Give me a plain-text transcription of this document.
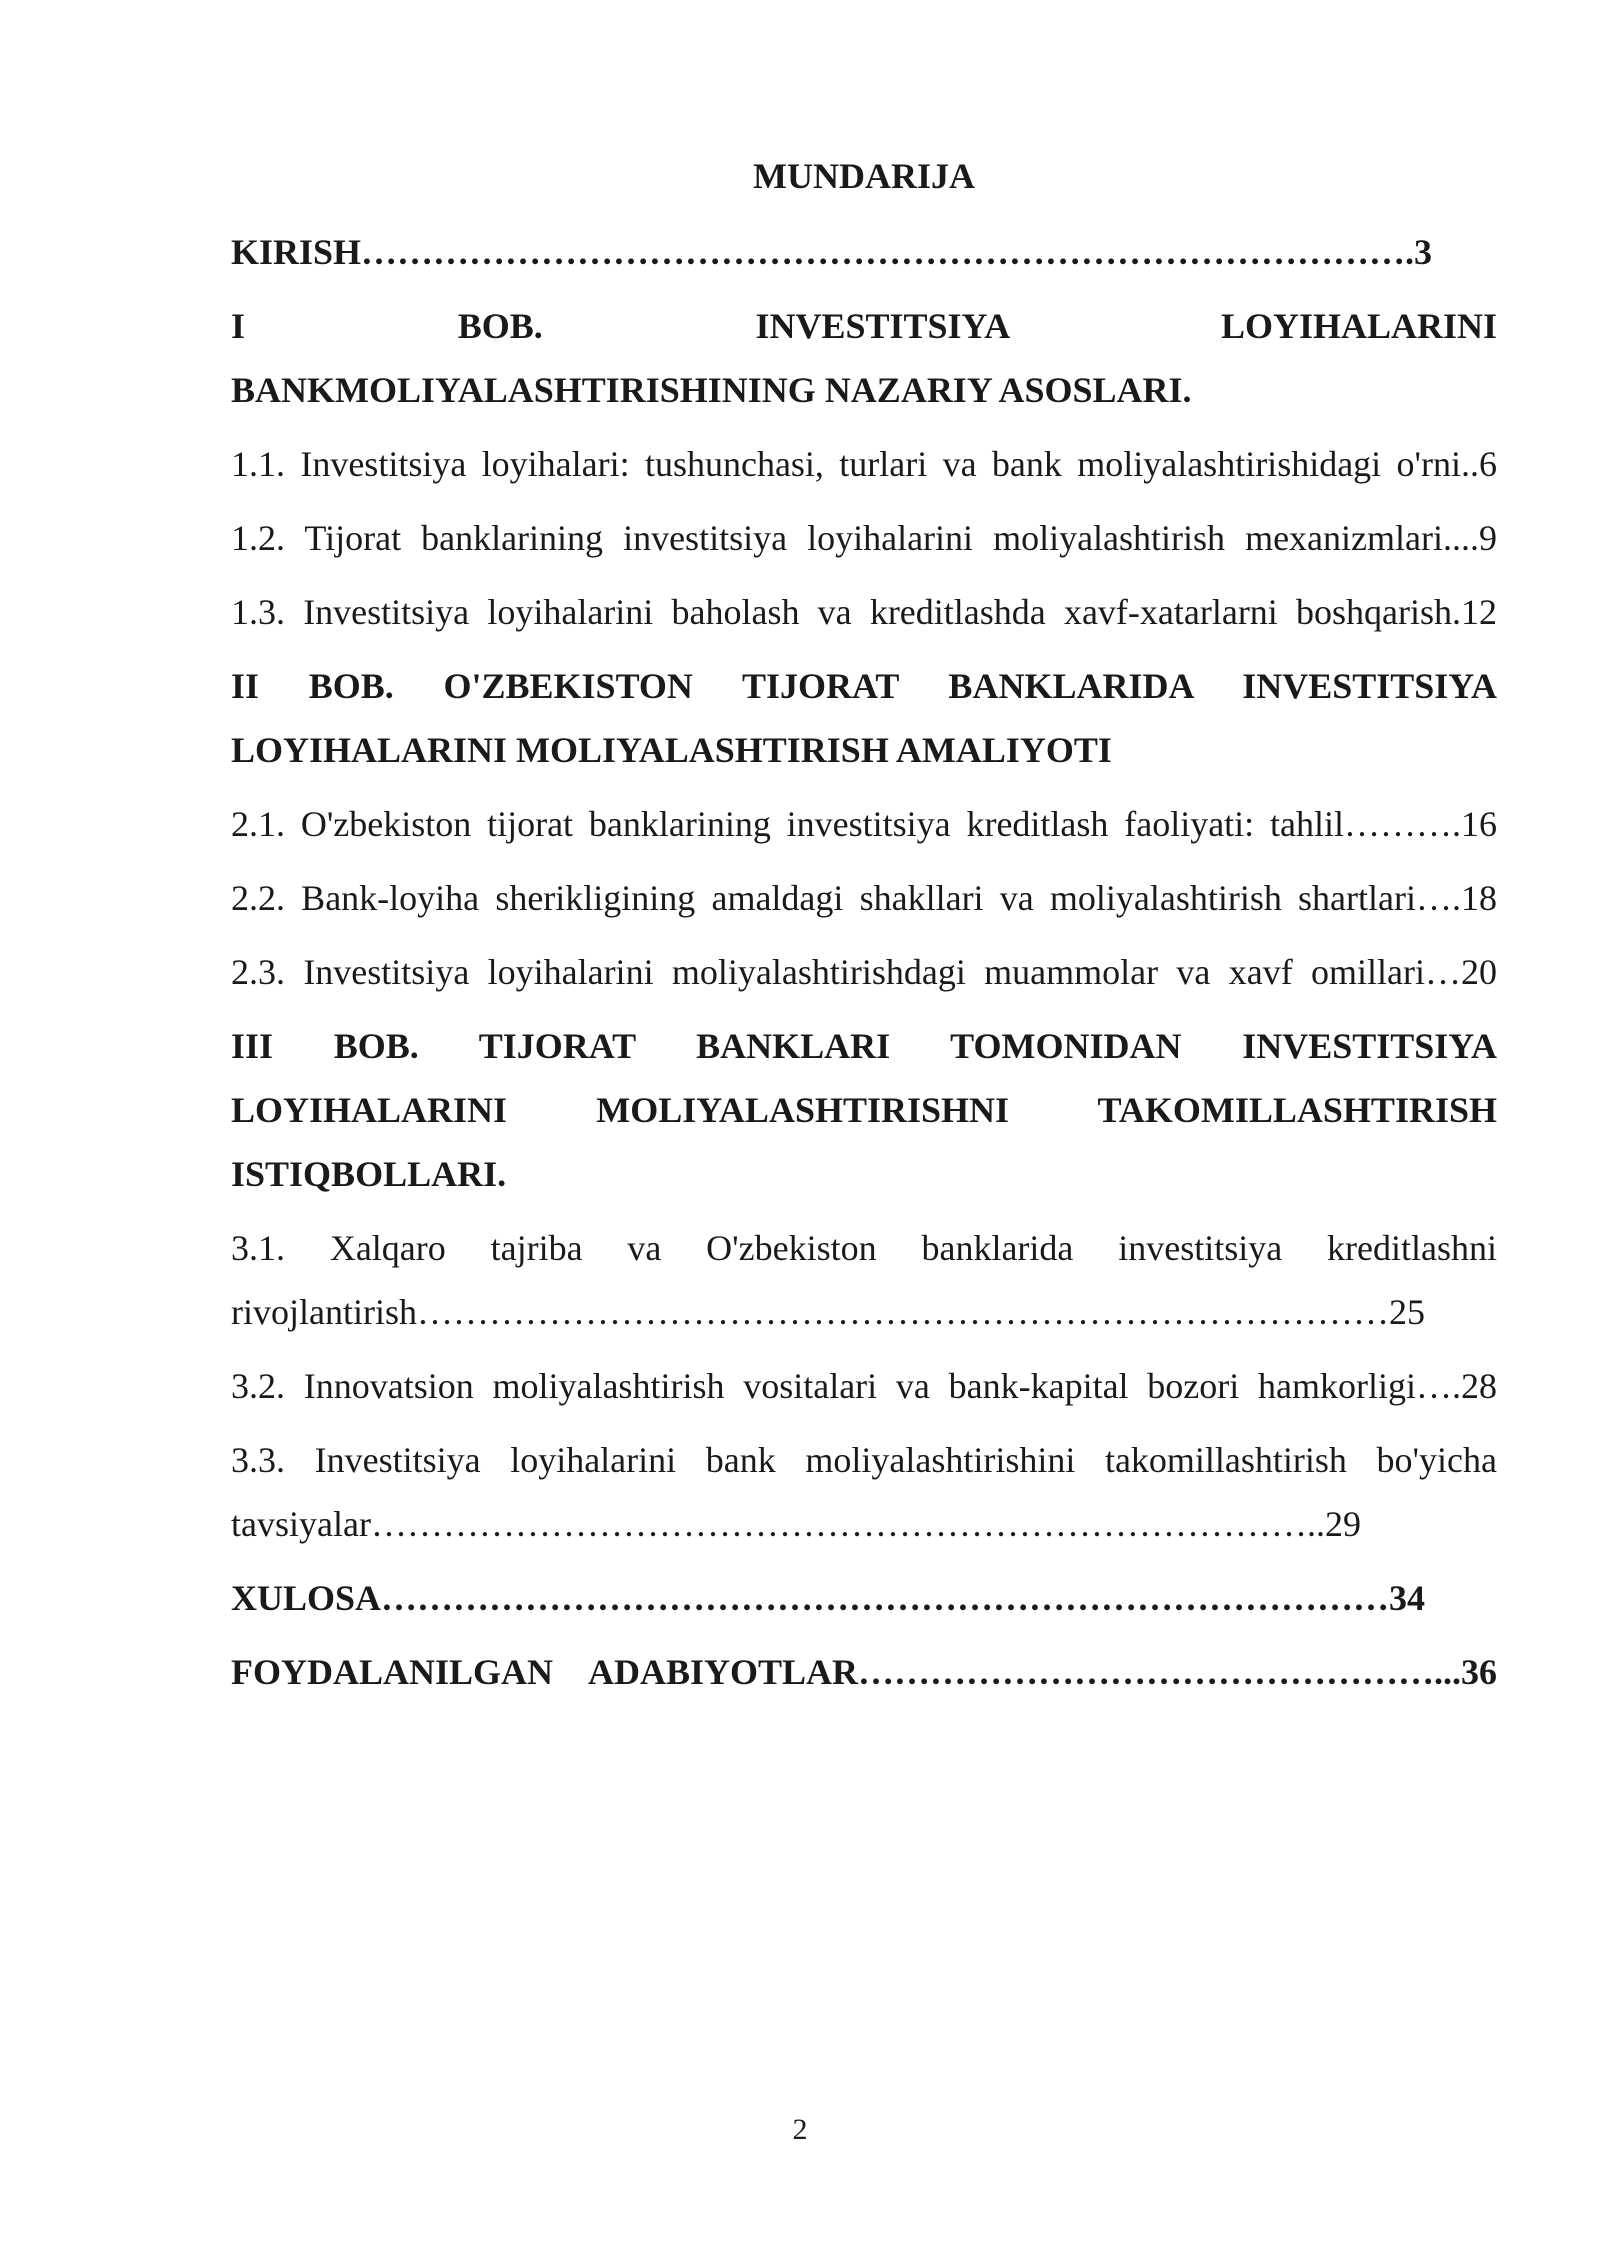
MUNDARIJA
KIRISH…………………………………………………………………………….3
I BOB. INVESTITSIYA LOYIHALARINI
BANKMOLIYALASHTIRISHINING NAZARIY ASOSLARI.
1.1. Investitsiya loyihalari: tushunchasi, turlari va bank moliyalashtirishidagi o'rni..6
1.2. Tijorat banklarining investitsiya loyihalarini moliyalashtirish mexanizmlari....9
1.3. Investitsiya loyihalarini baholash va kreditlashda xavf-xatarlarni boshqarish.12
II BOB. O'ZBEKISTON TIJORAT BANKLARIDA INVESTITSIYA
LOYIHALARINI MOLIYALASHTIRISH AMALIYOTI
2.1. O'zbekiston tijorat banklarining investitsiya kreditlash faoliyati: tahlil……….16
2.2. Bank-loyiha sherikligining amaldagi shakllari va moliyalashtirish shartlari….18
2.3. Investitsiya loyihalarini moliyalashtirishdagi muammolar va xavf omillari…20
III BOB. TIJORAT BANKLARI TOMONIDAN INVESTITSIYA
LOYIHALARINI MOLIYALASHTIRISHNI TAKOMILLASHTIRISH
ISTIQBOLLARI.
3.1. Xalqaro tajriba va O'zbekiston banklarida investitsiya kreditlashni
rivojlantirish………………………………………………………………………25
3.2. Innovatsion moliyalashtirish vositalari va bank-kapital bozori hamkorligi….28
3.3. Investitsiya loyihalarini bank moliyalashtirishini takomillashtirish bo'yicha
tavsiyalar……………………………………………………………………..29
XULOSA…………………………………………………………………………34
FOYDALANILGAN ADABIYOTLAR…………………………………………...36
2
